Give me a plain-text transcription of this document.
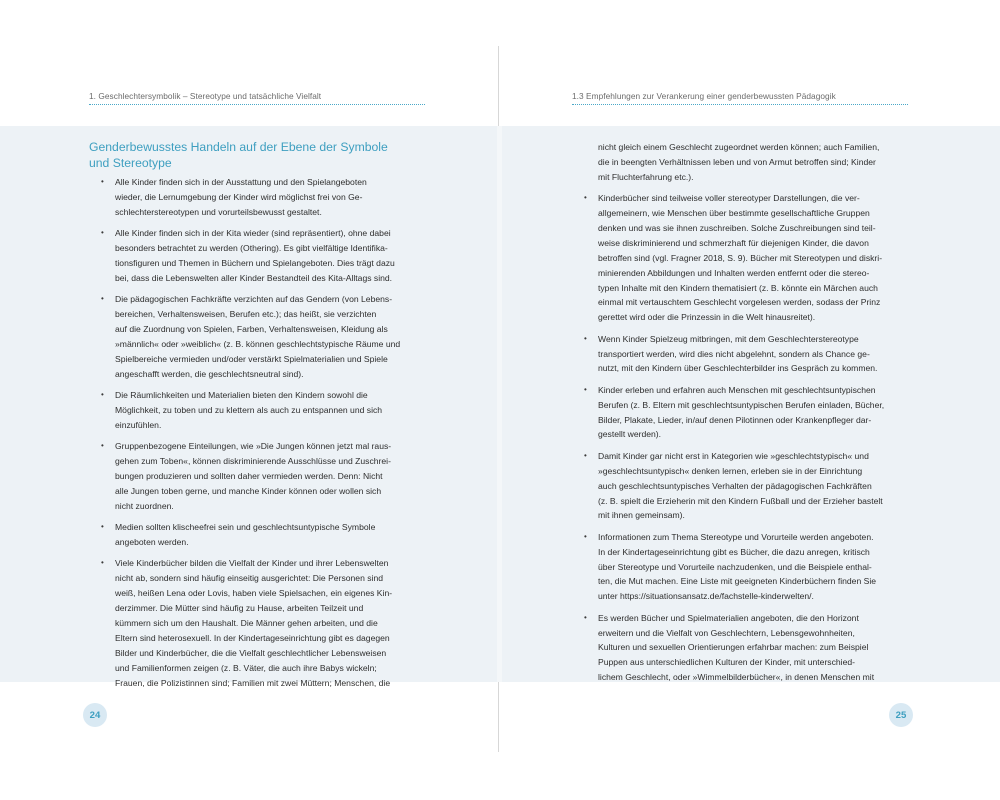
1. Geschlechtersymbolik – Stereotype und tatsächliche Vielfalt	1.3 Empfehlungen zur Verankerung einer genderbewussten Pädagogik
Genderbewusstes Handeln auf der Ebene der Symbole
und Stereotype
• Alle Kinder finden sich in der Ausstattung und den Spielangeboten
wieder, die Lernumgebung der Kinder wird möglichst frei von Ge-
schlechterstereotypen und vorurteilsbewusst gestaltet.
• Alle Kinder finden sich in der Kita wieder (sind repräsentiert), ohne dabei
besonders betrachtet zu werden (Othering). Es gibt vielfältige Identifika-
tionsfiguren und Themen in Büchern und Spielangeboten. Dies trägt dazu
bei, dass die Lebenswelten aller Kinder Bestandteil des Kita-Alltags sind.
• Die pädagogischen Fachkräfte verzichten auf das Gendern (von Lebens-
bereichen, Verhaltensweisen, Berufen etc.); das heißt, sie verzichten
auf die Zuordnung von Spielen, Farben, Verhaltensweisen, Kleidung als
»männlich« oder »weiblich« (z. B. können geschlechtstypische Räume und
Spielbereiche vermieden und/oder verstärkt Spielmaterialien und Spiele
angeschafft werden, die geschlechtsneutral sind).
• Die Räumlichkeiten und Materialien bieten den Kindern sowohl die
Möglichkeit, zu toben und zu klettern als auch zu entspannen und sich
einzufühlen.
• Gruppenbezogene Einteilungen, wie »Die Jungen können jetzt mal raus-
gehen zum Toben«, können diskriminierende Ausschlüsse und Zuschrei-
bungen produzieren und sollten daher vermieden werden. Denn: Nicht
alle Jungen toben gerne, und manche Kinder können oder wollen sich
nicht zuordnen.
• Medien sollten klischeefrei sein und geschlechtsuntypische Symbole
angeboten werden.
• Viele Kinderbücher bilden die Vielfalt der Kinder und ihrer Lebenswelten
nicht ab, sondern sind häufig einseitig ausgerichtet: Die Personen sind
weiß, heißen Lena oder Lovis, haben viele Spielsachen, ein eigenes Kin-
derzimmer. Die Mütter sind häufig zu Hause, arbeiten Teilzeit und
kümmern sich um den Haushalt. Die Männer gehen arbeiten, und die
Eltern sind heterosexuell. In der Kindertageseinrichtung gibt es dagegen
Bilder und Kinderbücher, die die Vielfalt geschlechtlicher Lebensweisen
und Familienformen zeigen (z. B. Väter, die auch ihre Babys wickeln;
Frauen, die Polizistinnen sind; Familien mit zwei Müttern; Menschen, die
nicht gleich einem Geschlecht zugeordnet werden können; auch Familien,
die in beengten Verhältnissen leben und von Armut betroffen sind; Kinder
mit Fluchterfahrung etc.).
• Kinderbücher sind teilweise voller stereotyper Darstellungen, die ver-
allgemeinern, wie Menschen über bestimmte gesellschaftliche Gruppen
denken und was sie ihnen zuschreiben. Solche Zuschreibungen sind teil-
weise diskriminierend und schmerzhaft für diejenigen Kinder, die davon
betroffen sind (vgl. Fragner 2018, S. 9). Bücher mit Stereotypen und diskri-
minierenden Abbildungen und Inhalten werden entfernt oder die stereo-
typen Inhalte mit den Kindern thematisiert (z. B. könnte ein Märchen auch
einmal mit vertauschtem Geschlecht vorgelesen werden, sodass der Prinz
gerettet wird oder die Prinzessin in die Welt hinausreitet).
• Wenn Kinder Spielzeug mitbringen, mit dem Geschlechterstereotype
transportiert werden, wird dies nicht abgelehnt, sondern als Chance ge-
nutzt, mit den Kindern über Geschlechterbilder ins Gespräch zu kommen.
• Kinder erleben und erfahren auch Menschen mit geschlechtsuntypischen
Berufen (z. B. Eltern mit geschlechtsuntypischen Berufen einladen, Bücher,
Bilder, Plakate, Lieder, in/auf denen Pilotinnen oder Krankenpfleger dar-
gestellt werden).
• Damit Kinder gar nicht erst in Kategorien wie »geschlechtstypisch« und
»geschlechtsuntypisch« denken lernen, erleben sie in der Einrichtung
auch geschlechtsuntypisches Verhalten der pädagogischen Fachkräften
(z. B. spielt die Erzieherin mit den Kindern Fußball und der Erzieher bastelt
mit ihnen gemeinsam).
• Informationen zum Thema Stereotype und Vorurteile werden angeboten.
In der Kindertageseinrichtung gibt es Bücher, die dazu anregen, kritisch
über Stereotype und Vorurteile nachzudenken, und die Beispiele enthal-
ten, die Mut machen. Eine Liste mit geeigneten Kinderbüchern finden Sie
unter https://situationsansatz.de/fachstelle-kinderwelten/.
• Es werden Bücher und Spielmaterialien angeboten, die den Horizont
erweitern und die Vielfalt von Geschlechtern, Lebensgewohnheiten,
Kulturen und sexuellen Orientierungen erfahrbar machen: zum Beispiel
Puppen aus unterschiedlichen Kulturen der Kinder, mit unterschied-
lichem Geschlecht, oder »Wimmelbilderbücher«, in denen Menschen mit
24	25
